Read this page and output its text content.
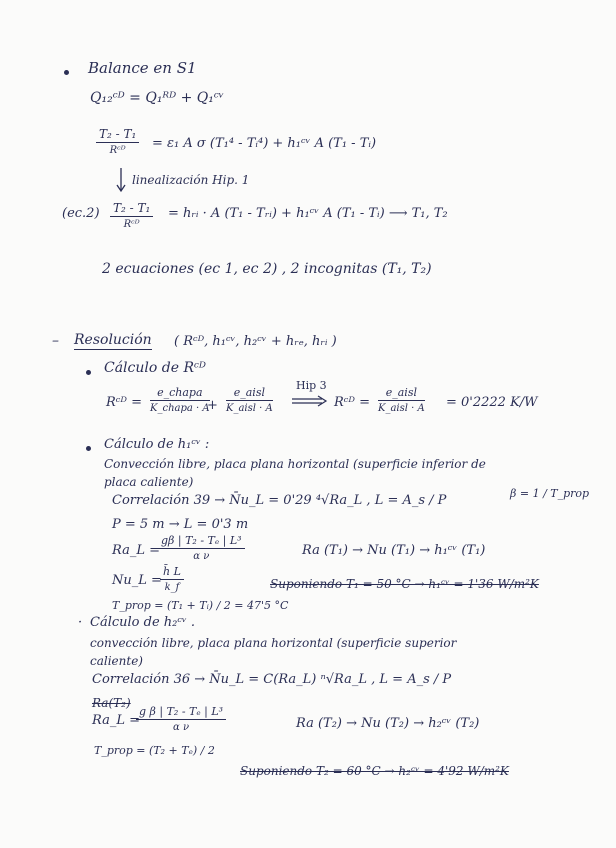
Balance en S1
Q₁₂ᶜᴰ = Q₁ᴿᴰ + Q₁ᶜᵛ
T₂ - T₁
Rᶜᴰ	= ε₁ A σ (T₁⁴ - Tᵢ⁴) + h₁ᶜᵛ A (T₁ - Tᵢ)
linealización Hip. 1
(ec.2) T₂ - T₁
Rᶜᴰ
= hᵣᵢ · A (T₁ - Tᵣᵢ) + h₁ᶜᵛ A (T₁ - Tᵢ) ⟶ T₁, T₂
2 ecuaciones (ec 1, ec 2) , 2 incognitas (T₁, T₂)
– Resolución ( Rᶜᴰ, h₁ᶜᵛ, h₂ᶜᵛ + hᵣₑ, hᵣᵢ )
Cálculo de Rᶜᴰ
Rᶜᴰ =
e_chapa
K_chapa · A
+
e_aisl
K_aisl · A
Hip 3
Rᶜᴰ =
e_aisl
K_aisl · A = 0'2222 K/W
Cálculo de h₁ᶜᵛ :
Convección libre, placa plana horizontal (superficie inferior de
placa caliente)
Correlación 39 → N̄u_L = 0'29 ⁴√Ra_L , L = A_s / P	β = 1 / T_prop
P = 5 m → L = 0'3 m
Ra_L =
$\frac{\text{gβ | T₂ - Tₑ | L³}}{\text{α ν}}$	Ra (T₁) → Nu (T₁) → h₁ᶜᵛ (T₁)
Nu_L =
$\frac{h̄ L}{k\_f}$	Suponiendo T₁ = 50 °C → h₁ᶜᵛ = 1'36 W/m²K
T_prop = (T₁ + Tᵢ) / 2 = 47'5 °C
· Cálculo de h₂ᶜᵛ .
convección libre, placa plana horizontal (superficie superior
caliente)
Correlación 36 → N̄u_L = C(Ra_L) ⁿ√Ra_L , L = A_s / P
Ra(T₂)
Ra_L =
$\frac{\text{g β | T₂ - Tₑ | L³}}{\text{α ν}}$	Ra (T₂) → Nu (T₂) → h₂ᶜᵛ (T₂)
T_prop = (T₂ + Tₑ) / 2
Suponiendo T₂ = 60 °C → h₂ᶜᵛ = 4'92 W/m²K
